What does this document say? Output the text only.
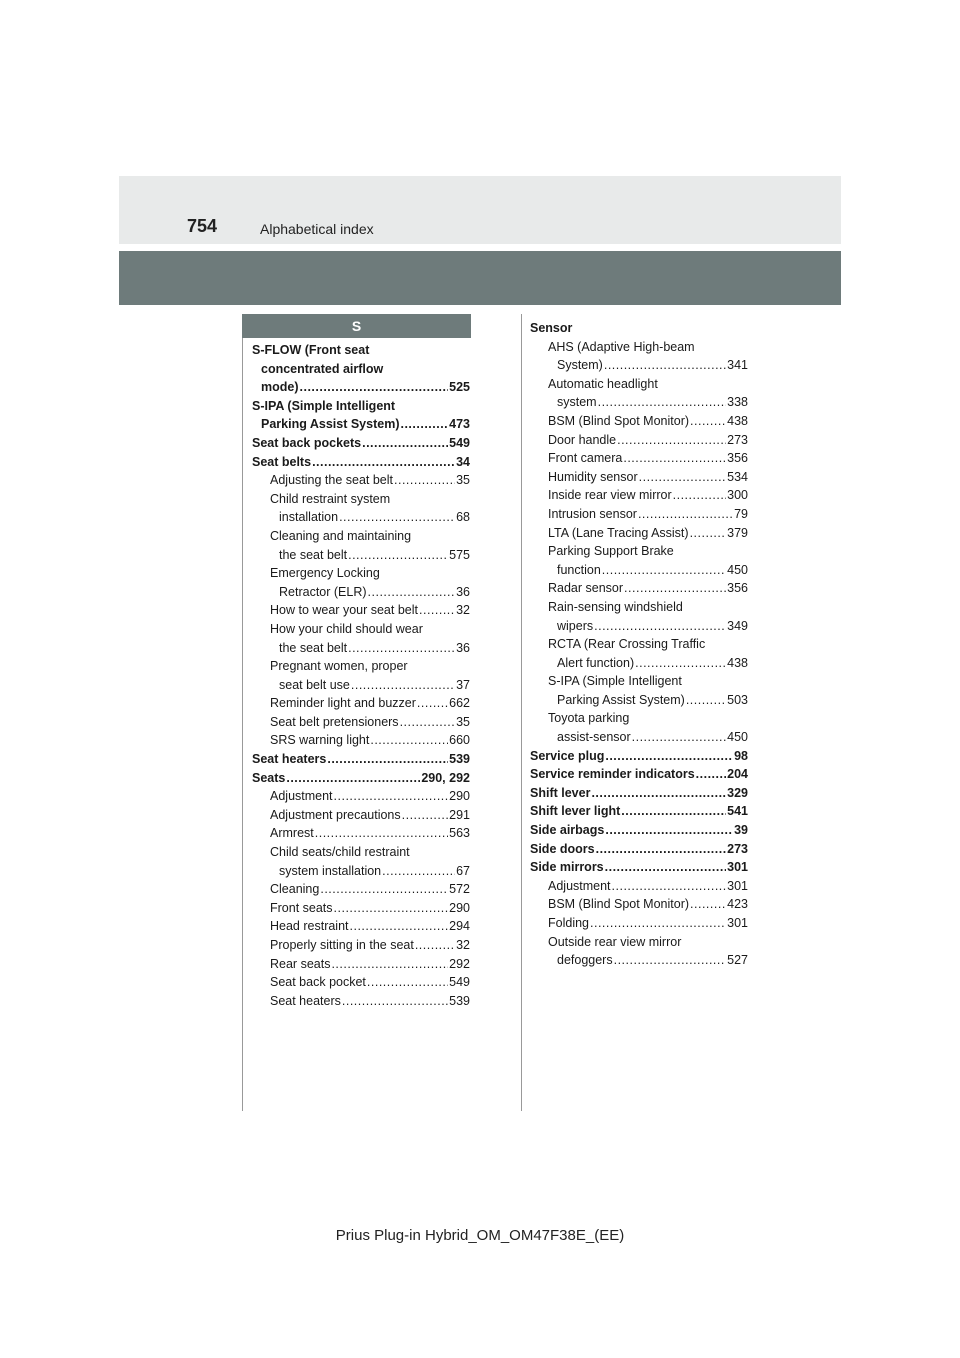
754	Alphabetical index
S
S-FLOW (Front seat
concentrated airflow
mode) .....	525
S-IPA (Simple Intelligent
Parking Assist System) .....	473
Seat back pockets .....	549
Seat belts .....	34
Adjusting the seat belt .....	35
Child restraint system
installation .....	68
Cleaning and maintaining
the seat belt .....	575
Emergency Locking
Retractor (ELR) .....	36
How to wear your seat belt .....	32
How your child should wear
the seat belt .....	36
Pregnant women, proper
seat belt use .....	37
Reminder light and buzzer .....	662
Seat belt pretensioners .....	35
SRS warning light .....	660
Seat heaters .....	539
Seats .....	290, 292
Adjustment .....	290
Adjustment precautions .....	291
Armrest .....	563
Child seats/child restraint
system installation .....	67
Cleaning .....	572
Front seats .....	290
Head restraint .....	294
Properly sitting in the seat .....	32
Rear seats .....	292
Seat back pocket .....	549
Seat heaters .....	539
Sensor
AHS (Adaptive High-beam
System) .....	341
Automatic headlight
system .....	338
BSM (Blind Spot Monitor) .....	438
Door handle .....	273
Front camera .....	356
Humidity sensor .....	534
Inside rear view mirror .....	300
Intrusion sensor .....	79
LTA (Lane Tracing Assist) .....	379
Parking Support Brake
function .....	450
Radar sensor .....	356
Rain-sensing windshield
wipers .....	349
RCTA (Rear Crossing Traffic
Alert function) .....	438
S-IPA (Simple Intelligent
Parking Assist System) .....	503
Toyota parking
assist-sensor .....	450
Service plug .....	98
Service reminder indicators .....	204
Shift lever .....	329
Shift lever light .....	541
Side airbags .....	39
Side doors .....	273
Side mirrors .....	301
Adjustment .....	301
BSM (Blind Spot Monitor) .....	423
Folding .....	301
Outside rear view mirror
defoggers .....	527
Prius Plug-in Hybrid_OM_OM47F38E_(EE)
